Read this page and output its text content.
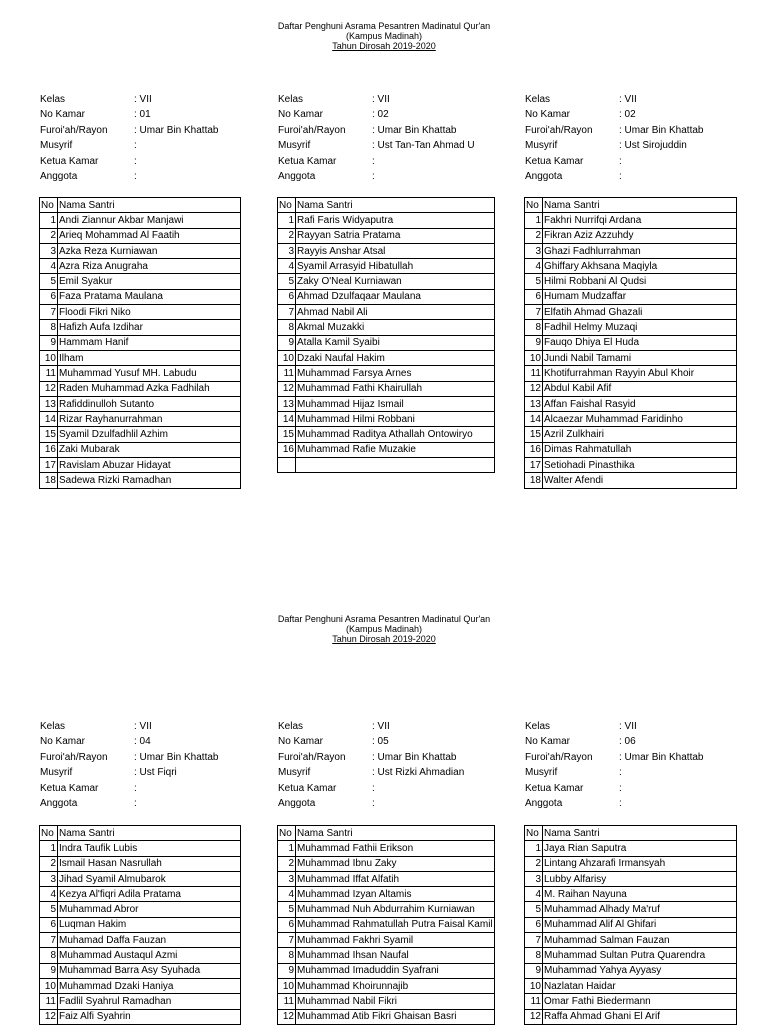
Daftar Penghuni Asrama Pesantren Madinatul Qur'an
(Kampus Madinah)
Tahun Dirosah 2019-2020
Kelas	: VII
No Kamar	: 01
Furoi'ah/Rayon	: Umar Bin Khattab
Musyrif	:
Ketua Kamar	:
Anggota	:
No	Nama Santri
1	Andi Ziannur Akbar Manjawi
2	Arieq Mohammad Al Faatih
3	Azka Reza Kurniawan
4	Azra Riza Anugraha
5	Emil Syakur
6	Faza Pratama Maulana
7	Floodi Fikri Niko
8	Hafizh Aufa Izdihar
9	Hammam Hanif
10	Ilham
11	Muhammad Yusuf MH. Labudu
12	Raden Muhammad Azka Fadhilah
13	Rafiddinulloh Sutanto
14	Rizar Rayhanurrahman
15	Syamil Dzulfadhlil Azhim
16	Zaki Mubarak
17	Ravislam Abuzar Hidayat
18	Sadewa Rizki Ramadhan
Kelas	: VII
No Kamar	: 02
Furoi'ah/Rayon	: Umar Bin Khattab
Musyrif	: Ust Tan-Tan Ahmad U
Ketua Kamar	:
Anggota	:
No	Nama Santri
1	Rafi Faris Widyaputra
2	Rayyan Satria Pratama
3	Rayyis Anshar Atsal
4	Syamil Arrasyid Hibatullah
5	Zaky O'Neal Kurniawan
6	Ahmad Dzulfaqaar Maulana
7	Ahmad Nabil Ali
8	Akmal Muzakki
9	Atalla Kamil Syaibi
10	Dzaki Naufal Hakim
11	Muhammad Farsya Arnes
12	Muhammad Fathi Khairullah
13	Muhammad Hijaz Ismail
14	Muhammad Hilmi Robbani
15	Muhammad Raditya Athallah Ontowiryo
16	Muhammad Rafie Muzakie

Kelas	: VII
No Kamar	: 02
Furoi'ah/Rayon	: Umar Bin Khattab
Musyrif	: Ust Sirojuddin
Ketua Kamar	:
Anggota	:
No	Nama Santri
1	Fakhri Nurrifqi Ardana
2	Fikran Aziz Azzuhdy
3	Ghazi Fadhlurrahman
4	Ghiffary Akhsana Maqiyla
5	Hilmi Robbani Al Qudsi
6	Humam Mudzaffar
7	Elfatih Ahmad Ghazali
8	Fadhil Helmy Muzaqi
9	Fauqo Dhiya El Huda
10	Jundi Nabil Tamami
11	Khotifurrahman Rayyin Abul Khoir
12	Abdul Kabil Afif
13	Affan Faishal Rasyid
14	Alcaezar Muhammad Faridinho
15	Azril Zulkhairi
16	Dimas Rahmatullah
17	Setiohadi Pinasthika
18	Walter Afendi
Daftar Penghuni Asrama Pesantren Madinatul Qur'an
(Kampus Madinah)
Tahun Dirosah 2019-2020
Kelas	: VII
No Kamar	: 04
Furoi'ah/Rayon	: Umar Bin Khattab
Musyrif	: Ust Fiqri
Ketua Kamar	:
Anggota	:
No	Nama Santri
1	Indra Taufik Lubis
2	Ismail Hasan Nasrullah
3	Jihad Syamil Almubarok
4	Kezya Al'fiqri Adila Pratama
5	Muhammad Abror
6	Luqman Hakim
7	Muhamad Daffa Fauzan
8	Muhammad Austaqul Azmi
9	Muhammad Barra Asy Syuhada
10	Muhammad Dzaki Haniya
11	Fadlil Syahrul Ramadhan
12	Faiz Alfi Syahrin
Kelas	: VII
No Kamar	: 05
Furoi'ah/Rayon	: Umar Bin Khattab
Musyrif	: Ust Rizki Ahmadian
Ketua Kamar	:
Anggota	:
No	Nama Santri
1	Muhammad Fathii Erikson
2	Muhammad Ibnu Zaky
3	Muhammad Iffat Alfatih
4	Muhammad Izyan Altamis
5	Muhammad Nuh Abdurrahim Kurniawan
6	Muhammad Rahmatullah Putra Faisal Kamil
7	Muhammad Fakhri Syamil
8	Muhammad Ihsan Naufal
9	Muhammad Imaduddin Syafrani
10	Muhammad Khoirunnajib
11	Muhammad Nabil Fikri
12	Muhammad Atib Fikri Ghaisan Basri
Kelas	: VII
No Kamar	: 06
Furoi'ah/Rayon	: Umar Bin Khattab
Musyrif	:
Ketua Kamar	:
Anggota	:
No	Nama Santri
1	Jaya Rian Saputra
2	Lintang Ahzarafi Irmansyah
3	Lubby Alfarisy
4	M. Raihan Nayuna
5	Muhammad Alhady Ma'ruf
6	Muhammad Alif Al Ghifari
7	Muhammad Salman Fauzan
8	Muhammad Sultan Putra Quarendra
9	Muhammad Yahya Ayyasy
10	Nazlatan Haidar
11	Omar Fathi Biedermann
12	Raffa Ahmad Ghani El Arif
